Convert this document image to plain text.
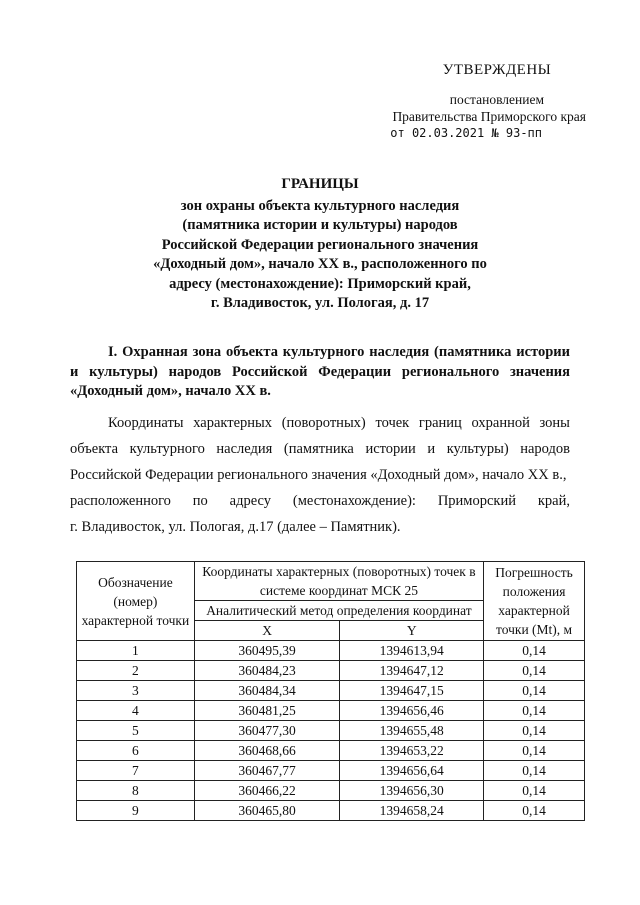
УТВЕРЖДЕНЫ
постановлением
Правительства Приморского края
от 02.03.2021 № 93-пп
ГРАНИЦЫ
зон охраны объекта культурного наследия
(памятника истории и культуры) народов
Российской Федерации регионального значения
«Доходный дом», начало XX в., расположенного по
адресу (местонахождение): Приморский край,
г. Владивосток, ул. Пологая, д. 17
I. Охранная зона объекта культурного наследия (памятника истории и культуры) народов Российской Федерации регионального значения «Доходный дом», начало XX в.
Координаты характерных (поворотных) точек границ охранной зоны
объекта культурного наследия (памятника истории и культуры) народов
Российской Федерации регионального значения «Доходный дом», начало XX в.,
расположенного по адресу (местонахождение): Приморский край,
г. Владивосток, ул. Пологая, д.17 (далее – Памятник).
Обозначение (номер) характерной точки	Координаты характерных (поворотных) точек в системе координат МСК 25		Погрешность положения характерной точки (Mt), м
	Аналитический метод определения координат		
	X	Y	
1	360495,39	1394613,94	0,14
2	360484,23	1394647,12	0,14
3	360484,34	1394647,15	0,14
4	360481,25	1394656,46	0,14
5	360477,30	1394655,48	0,14
6	360468,66	1394653,22	0,14
7	360467,77	1394656,64	0,14
8	360466,22	1394656,30	0,14
9	360465,80	1394658,24	0,14
